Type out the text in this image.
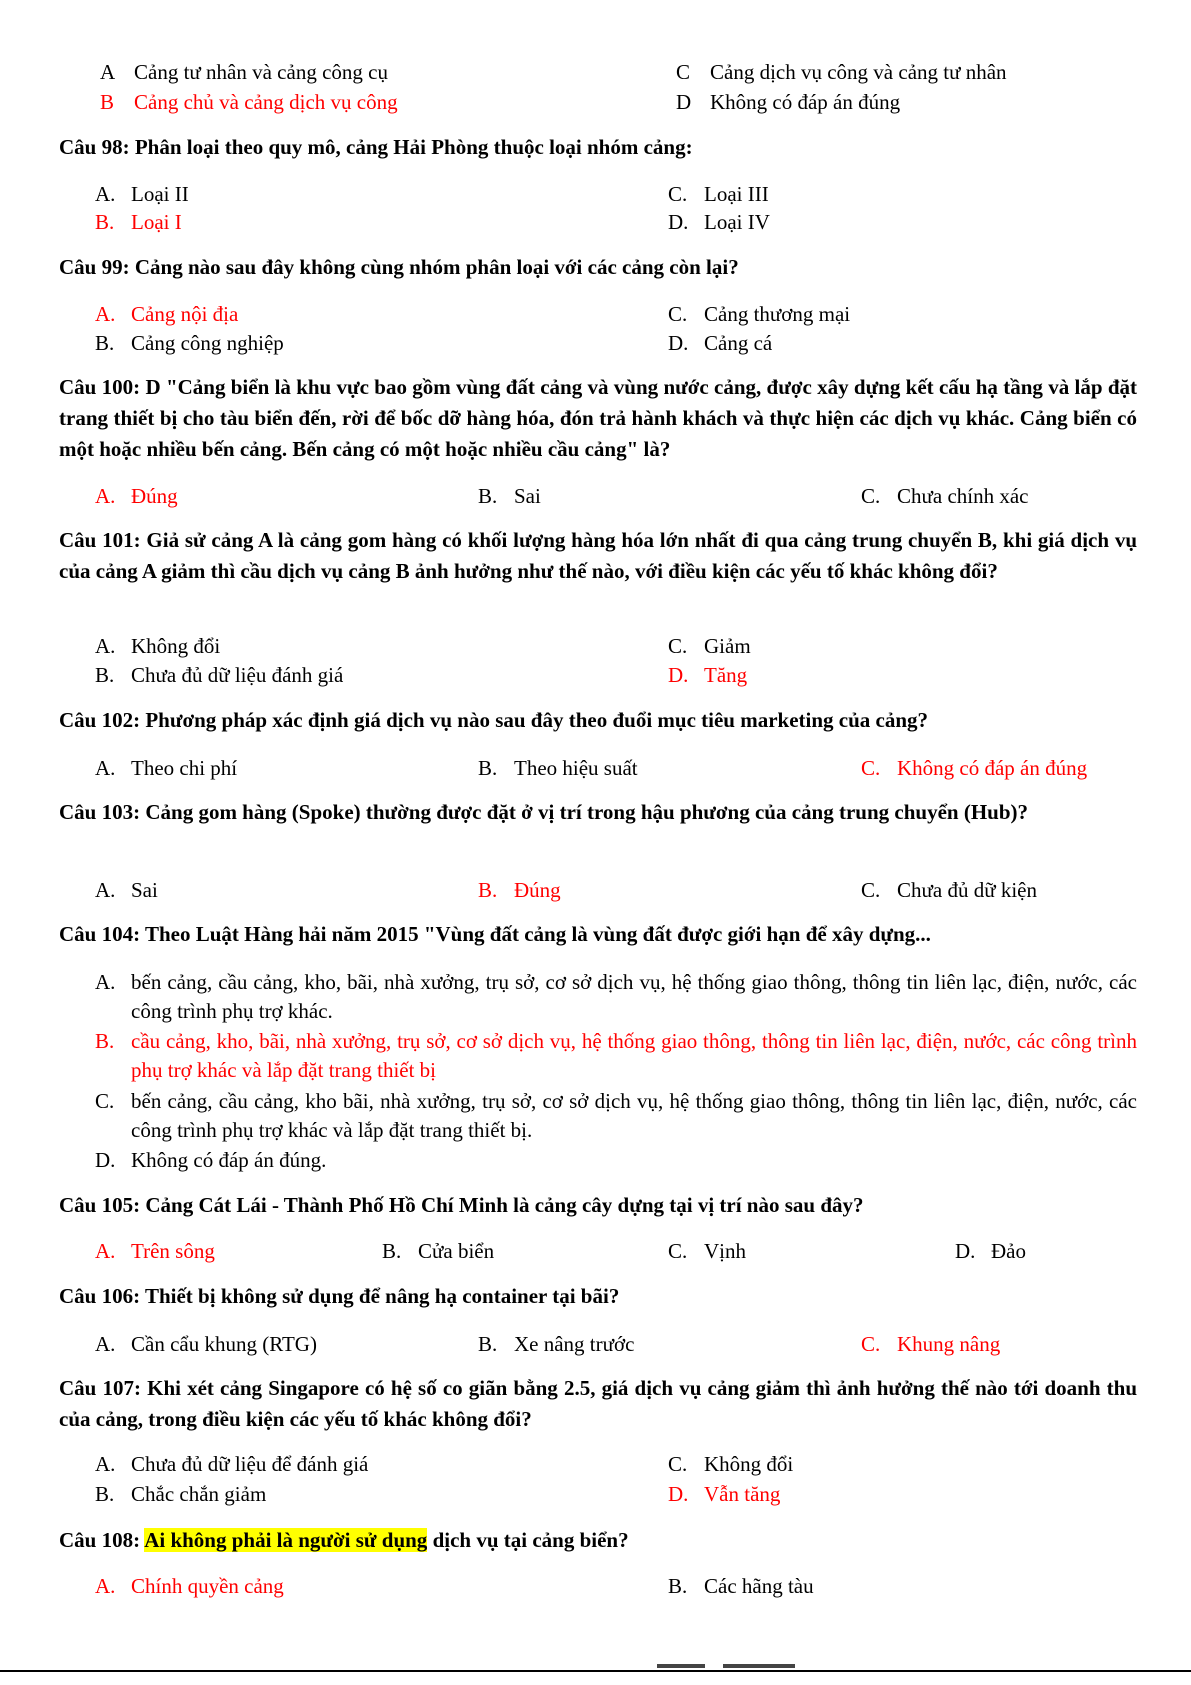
A Cảng tư nhân và cảng công cụ
B Cảng chủ và cảng dịch vụ công
C Cảng dịch vụ công và cảng tư nhân
D Không có đáp án đúng
Câu 98: Phân loại theo quy mô, cảng Hải Phòng thuộc loại nhóm cảng:
A. Loại II
B. Loại I
C. Loại III
D. Loại IV
Câu 99: Cảng nào sau đây không cùng nhóm phân loại với các cảng còn lại?
A. Cảng nội địa
B. Cảng công nghiệp
C. Cảng thương mại
D. Cảng cá
Câu 100: D "Cảng biển là khu vực bao gồm vùng đất cảng và vùng nước cảng, được xây dựng kết cấu hạ tầng và lắp đặt trang thiết bị cho tàu biển đến, rời để bốc dỡ hàng hóa, đón trả hành khách và thực hiện các dịch vụ khác. Cảng biển có một hoặc nhiều bến cảng. Bến cảng có một hoặc nhiều cầu cảng" là?
A. Đúng	B. Sai	C. Chưa chính xác
Câu 101: Giả sử cảng A là cảng gom hàng có khối lượng hàng hóa lớn nhất đi qua cảng trung chuyển B, khi giá dịch vụ của cảng A giảm thì cầu dịch vụ cảng B ảnh hưởng như thế nào, với điều kiện các yếu tố khác không đổi?
A. Không đổi
B. Chưa đủ dữ liệu đánh giá
C. Giảm
D. Tăng
Câu 102: Phương pháp xác định giá dịch vụ nào sau đây theo đuổi mục tiêu marketing của cảng?
A. Theo chi phí	B. Theo hiệu suất	C. Không có đáp án đúng
Câu 103: Cảng gom hàng (Spoke) thường được đặt ở vị trí trong hậu phương của cảng trung chuyển (Hub)?
A. Sai	B. Đúng	C. Chưa đủ dữ kiện
Câu 104: Theo Luật Hàng hải năm 2015 "Vùng đất cảng là vùng đất được giới hạn để xây dựng...
A. bến cảng, cầu cảng, kho, bãi, nhà xưởng, trụ sở, cơ sở dịch vụ, hệ thống giao thông, thông tin liên lạc, điện, nước, các công trình phụ trợ khác.
B. cầu cảng, kho, bãi, nhà xưởng, trụ sở, cơ sở dịch vụ, hệ thống giao thông, thông tin liên lạc, điện, nước, các công trình phụ trợ khác và lắp đặt trang thiết bị
C. bến cảng, cầu cảng, kho bãi, nhà xưởng, trụ sở, cơ sở dịch vụ, hệ thống giao thông, thông tin liên lạc, điện, nước, các công trình phụ trợ khác và lắp đặt trang thiết bị.
D. Không có đáp án đúng.
Câu 105: Cảng Cát Lái - Thành Phố Hồ Chí Minh là cảng cây dựng tại vị trí nào sau đây?
A. Trên sông	B. Cửa biển	C. Vịnh	D. Đảo
Câu 106: Thiết bị không sử dụng để nâng hạ container tại bãi?
A. Cần cẩu khung (RTG)	B. Xe nâng trước	C. Khung nâng
Câu 107: Khi xét cảng Singapore có hệ số co giãn bằng 2.5, giá dịch vụ cảng giảm thì ảnh hưởng thế nào tới doanh thu của cảng, trong điều kiện các yếu tố khác không đổi?
A. Chưa đủ dữ liệu để đánh giá
B. Chắc chắn giảm
C. Không đổi
D. Vẫn tăng
Câu 108: Ai không phải là người sử dụng dịch vụ tại cảng biển?
A. Chính quyền cảng	B. Các hãng tàu
